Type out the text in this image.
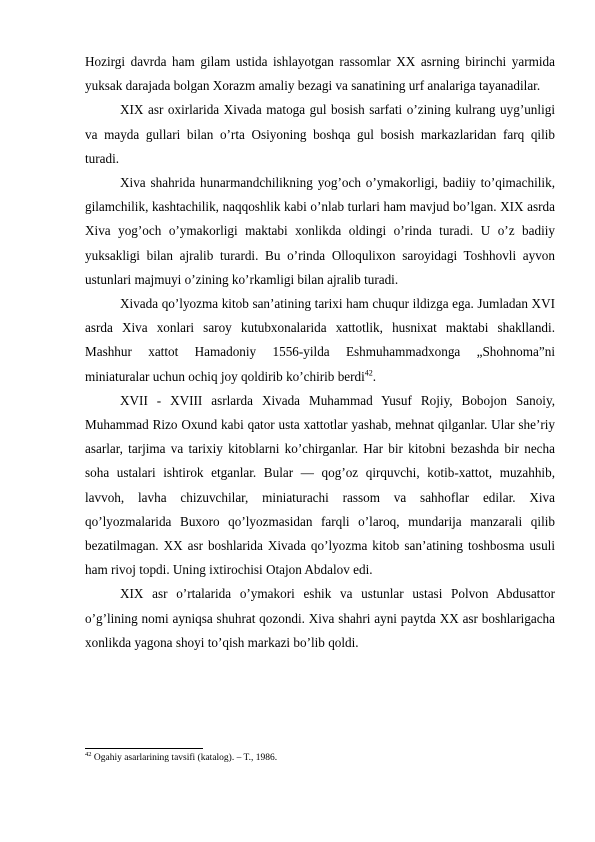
Hozirgi davrda ham gilam ustida ishlayotgan rassomlar XX asrning birinchi yarmida yuksak darajada bolgan Xorazm amaliy bezagi va sanatining urf analariga tayanadilar.

XIX asr oxirlarida Xivada matoga gul bosish sarfati o’zining kulrang uyg’unligi va mayda gullari bilan o’rta Osiyoning boshqa gul bosish markazlaridan farq qilib turadi.

Xiva shahrida hunarmandchilikning yog’och o’ymakorligi, badiiy to’qimachilik, gilamchilik, kashtachilik, naqqoshlik kabi o’nlab turlari ham mavjud bo’lgan. XIX asrda Xiva yog’och o’ymakorligi maktabi xonlikda oldingi o’rinda turadi. U o’z badiiy yuksakligi bilan ajralib turardi. Bu o’rinda Olloqulixon saroyidagi Toshhovli ayvon ustunlari majmuyi o’zining ko’rkamligi bilan ajralib turadi.

Xivada qo’lyozma kitob san’atining tarixi ham chuqur ildizga ega. Jumladan XVI asrda Xiva xonlari saroy kutubxonalarida xattotlik, husnixat maktabi shakllandi. Mashhur xattot Hamadoniy 1556-yilda Eshmuhammadxonga „Shohnoma”ni miniaturalar uchun ochiq joy qoldirib ko’chirib berdi$^{42}$.

XVII - XVIII asrlarda Xivada Muhammad Yusuf Rojiy, Bobojon Sanoiy, Muhammad Rizo Oxund kabi qator usta xattotlar yashab, mehnat qilganlar. Ular she’riy asarlar, tarjima va tarixiy kitoblarni ko’chirganlar. Har bir kitobni bezashda bir necha soha ustalari ishtirok etganlar. Bular — qog’oz qirquvchi, kotib-xattot, muzahhib, lavvoh, lavha chizuvchilar, miniaturachi rassom va sahhoflar edilar. Xiva qo’lyozmalarida Buxoro qo’lyozmasidan farqli o’laroq, mundarija manzarali qilib bezatilmagan. XX asr boshlarida Xivada qo’lyozma kitob san’atining toshbosma usuli ham rivoj topdi. Uning ixtirochisi Otajon Abdalov edi.

XIX asr o’rtalarida o’ymakori eshik va ustunlar ustasi Polvon Abdusattor o’g’lining nomi ayniqsa shuhrat qozondi. Xiva shahri ayni paytda XX asr boshlarigacha xonlikda yagona shoyi to’qish markazi bo’lib qoldi.

$^{42}$ Ogahiy asarlarining tavsifi (katalog). – T., 1986.
